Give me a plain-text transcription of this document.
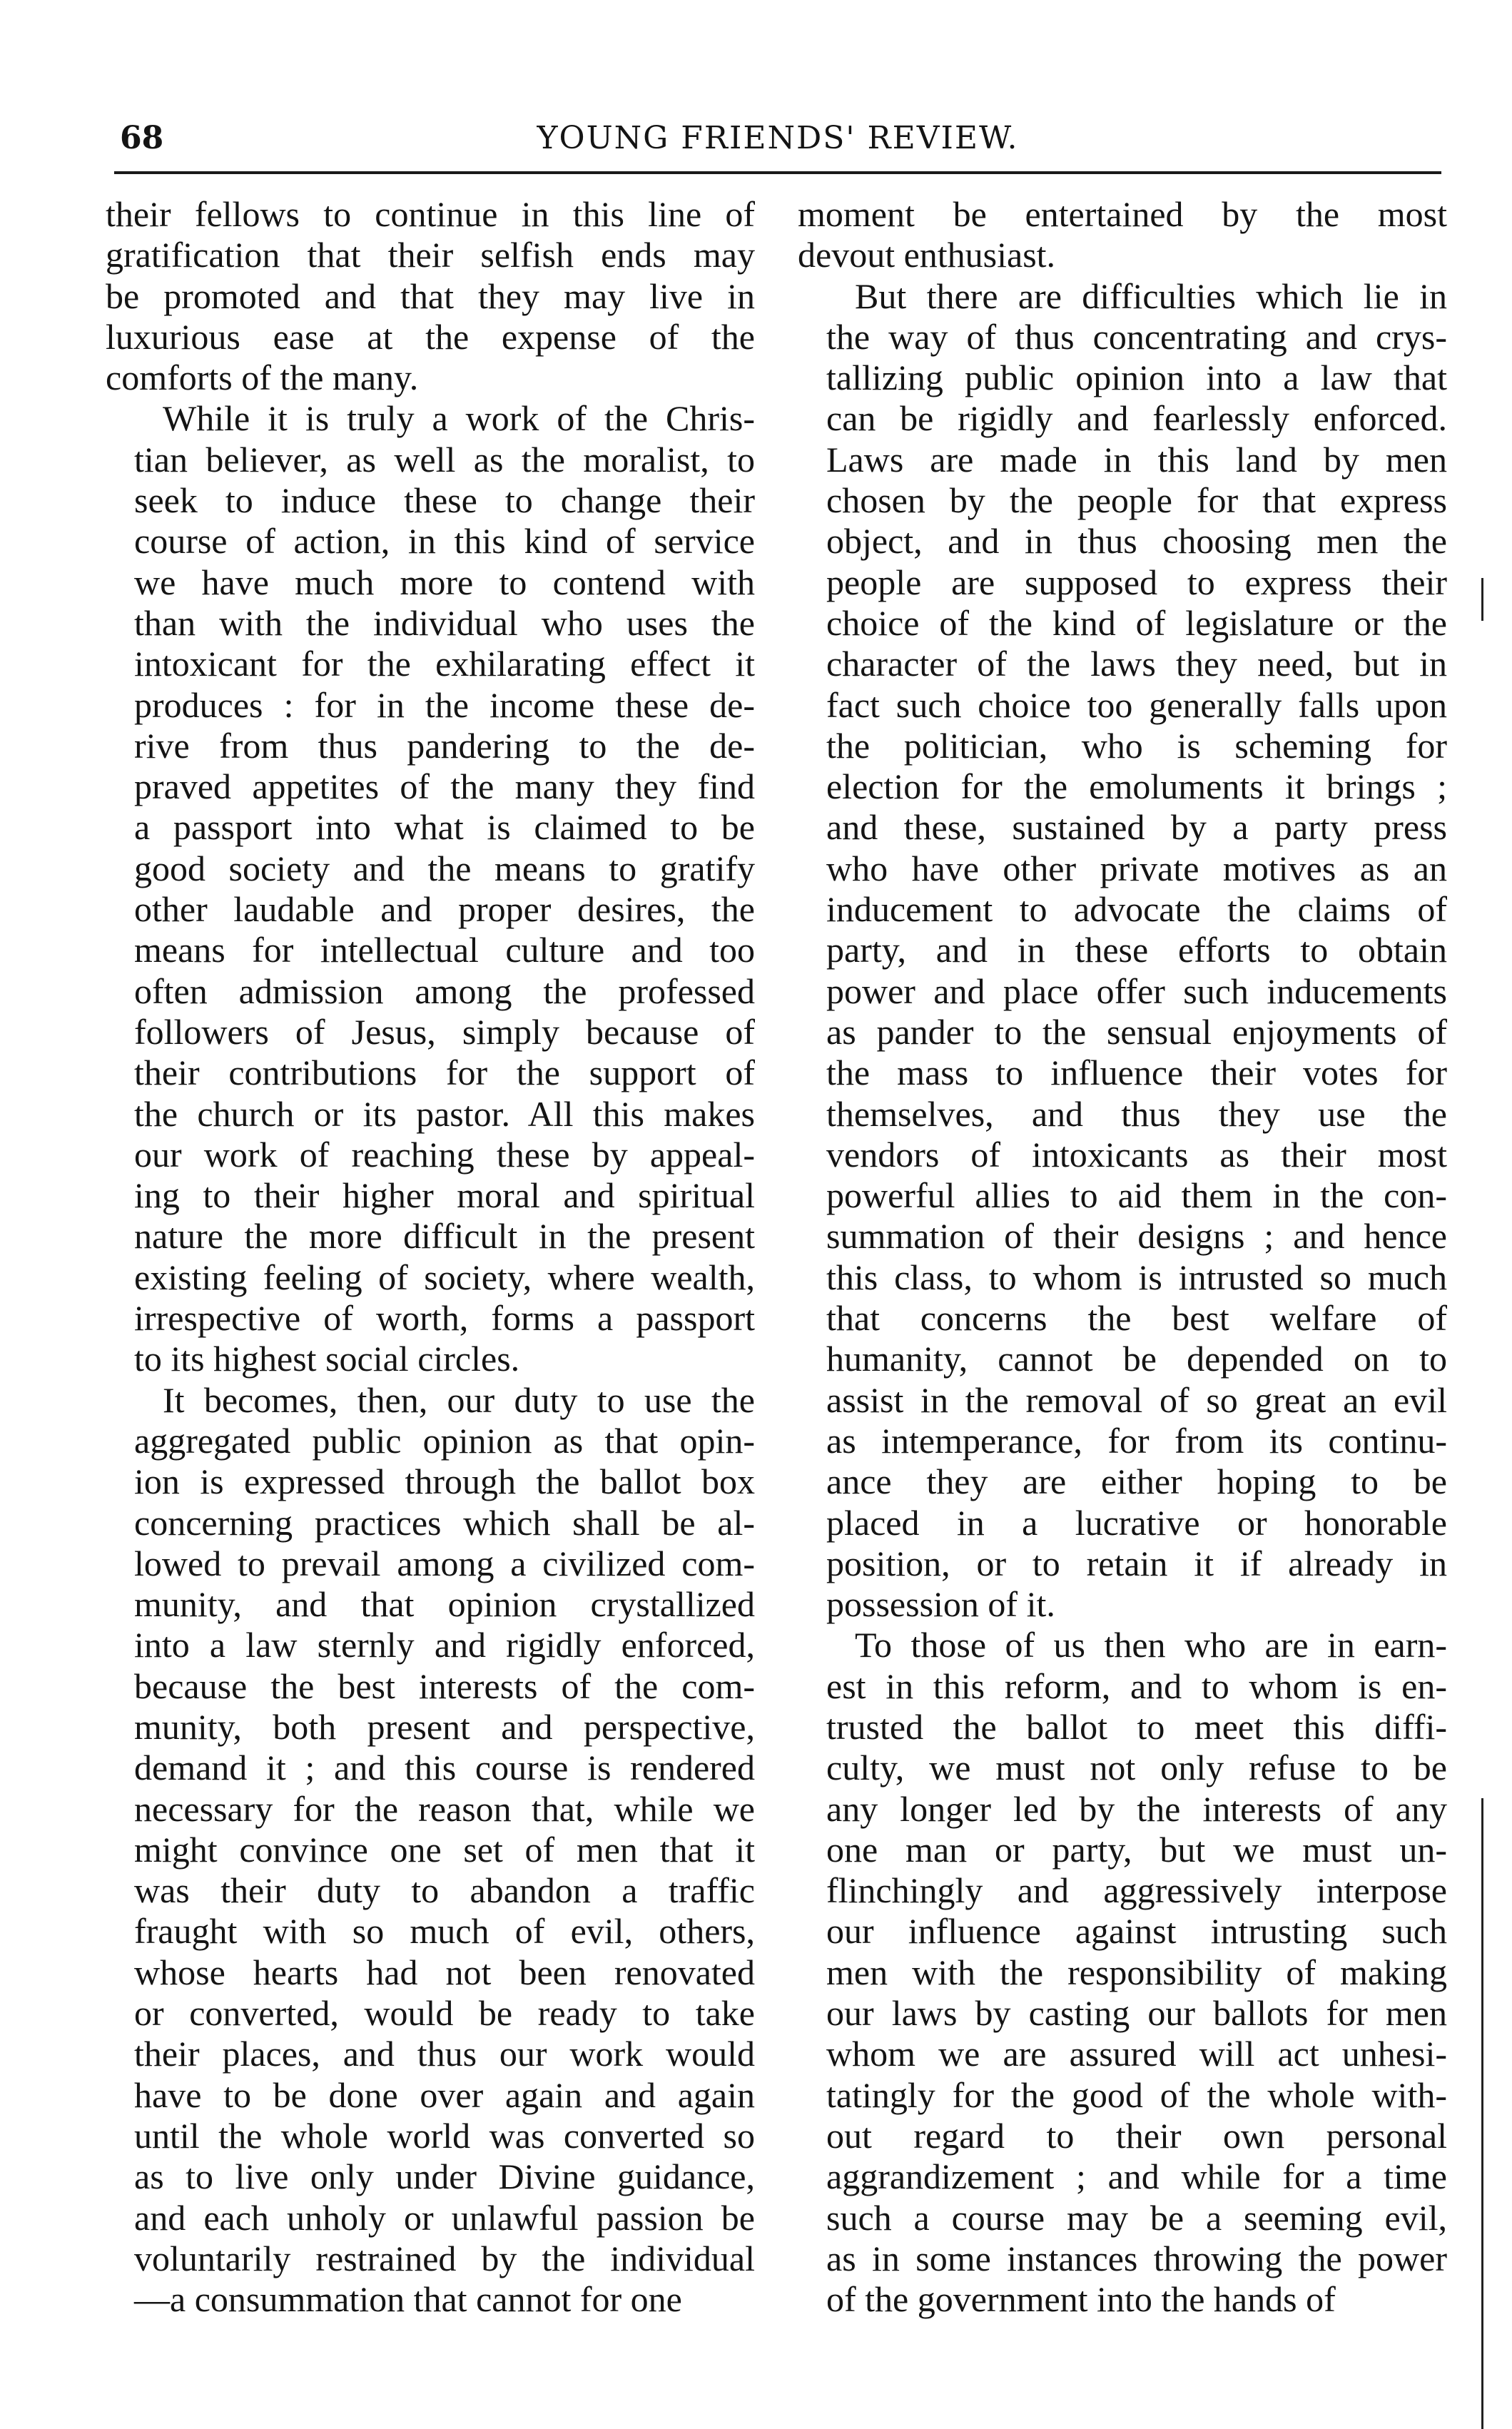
68	YOUNG FRIENDS' REVIEW.

their fellows to continue in this line of
gratification that their selfish ends may
be promoted and that they may live in
luxurious ease at the expense of the
comforts of the many.

While it is truly a work of the Chris-
tian believer, as well as the moralist, to
seek to induce these to change their
course of action, in this kind of service
we have much more to contend with
than with the individual who uses the
intoxicant for the exhilarating effect it
produces : for in the income these de-
rive from thus pandering to the de-
praved appetites of the many they find
a passport into what is claimed to be
good society and the means to gratify
other laudable and proper desires, the
means for intellectual culture and too
often admission among the professed
followers of Jesus, simply because of
their contributions for the support of
the church or its pastor. All this makes
our work of reaching these by appeal-
ing to their higher moral and spiritual
nature the more difficult in the present
existing feeling of society, where wealth,
irrespective of worth, forms a passport
to its highest social circles.

It becomes, then, our duty to use the
aggregated public opinion as that opin-
ion is expressed through the ballot box
concerning practices which shall be al-
lowed to prevail among a civilized com-
munity, and that opinion crystallized
into a law sternly and rigidly enforced,
because the best interests of the com-
munity, both present and perspective,
demand it ; and this course is rendered
necessary for the reason that, while we
might convince one set of men that it
was their duty to abandon a traffic
fraught with so much of evil, others,
whose hearts had not been renovated
or converted, would be ready to take
their places, and thus our work would
have to be done over again and again
until the whole world was converted so
as to live only under Divine guidance,
and each unholy or unlawful passion be
voluntarily restrained by the individual
—a consummation that cannot for one

moment be entertained by the most
devout enthusiast.

But there are difficulties which lie in
the way of thus concentrating and crys-
tallizing public opinion into a law that
can be rigidly and fearlessly enforced.
Laws are made in this land by men
chosen by the people for that express
object, and in thus choosing men the
people are supposed to express their
choice of the kind of legislature or the
character of the laws they need, but in
fact such choice too generally falls upon
the politician, who is scheming for
election for the emoluments it brings ;
and these, sustained by a party press
who have other private motives as an
inducement to advocate the claims of
party, and in these efforts to obtain
power and place offer such inducements
as pander to the sensual enjoyments of
the mass to influence their votes for
themselves, and thus they use the
vendors of intoxicants as their most
powerful allies to aid them in the con-
summation of their designs ; and hence
this class, to whom is intrusted so much
that concerns the best welfare of
humanity, cannot be depended on to
assist in the removal of so great an evil
as intemperance, for from its continu-
ance they are either hoping to be
placed in a lucrative or honorable
position, or to retain it if already in
possession of it.

To those of us then who are in earn-
est in this reform, and to whom is en-
trusted the ballot to meet this diffi-
culty, we must not only refuse to be
any longer led by the interests of any
one man or party, but we must un-
flinchingly and aggressively interpose
our influence against intrusting such
men with the responsibility of making
our laws by casting our ballots for men
whom we are assured will act unhesi-
tatingly for the good of the whole with-
out regard to their own personal
aggrandizement ; and while for a time
such a course may be a seeming evil,
as in some instances throwing the power
of the government into the hands of
